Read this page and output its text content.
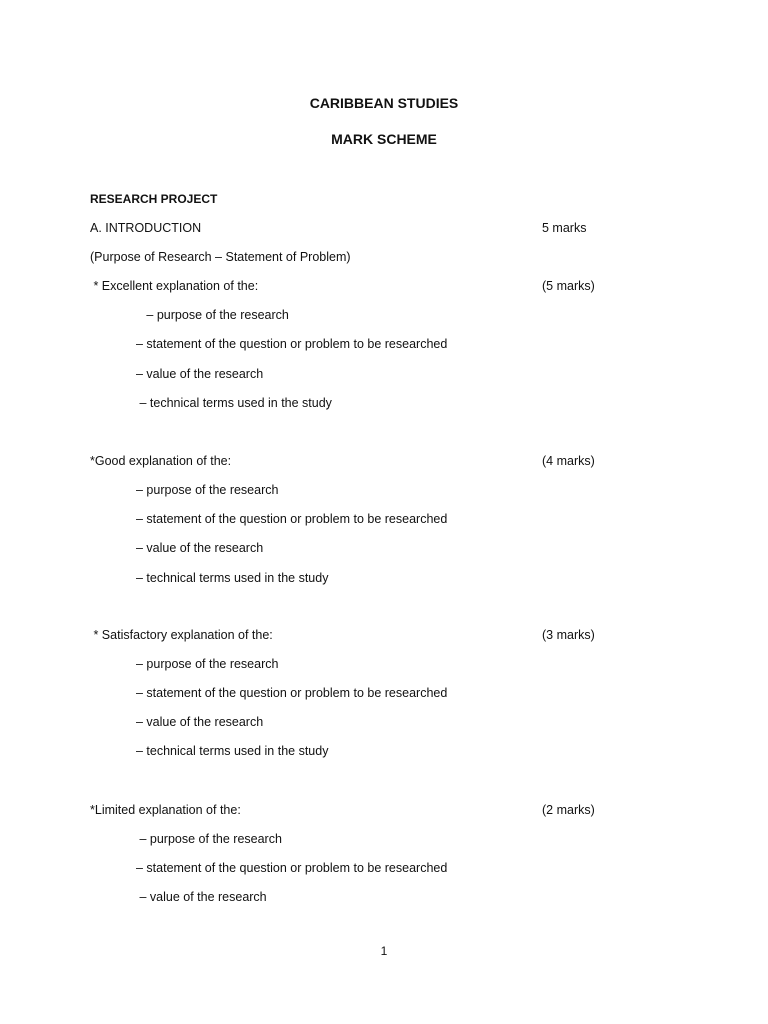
CARIBBEAN STUDIES
MARK SCHEME
RESEARCH PROJECT
A. INTRODUCTION	5 marks
(Purpose of Research – Statement of Problem)
* Excellent explanation of the:	(5 marks)
– purpose of the research
– statement of the question or problem to be researched
– value of the research
– technical terms used in the study
*Good explanation of the:	(4 marks)
– purpose of the research
– statement of the question or problem to be researched
– value of the research
– technical terms used in the study
* Satisfactory explanation of the:	(3 marks)
– purpose of the research
– statement of the question or problem to be researched
– value of the research
– technical terms used in the study
*Limited explanation of the:	(2 marks)
– purpose of the research
– statement of the question or problem to be researched
– value of the research
1
